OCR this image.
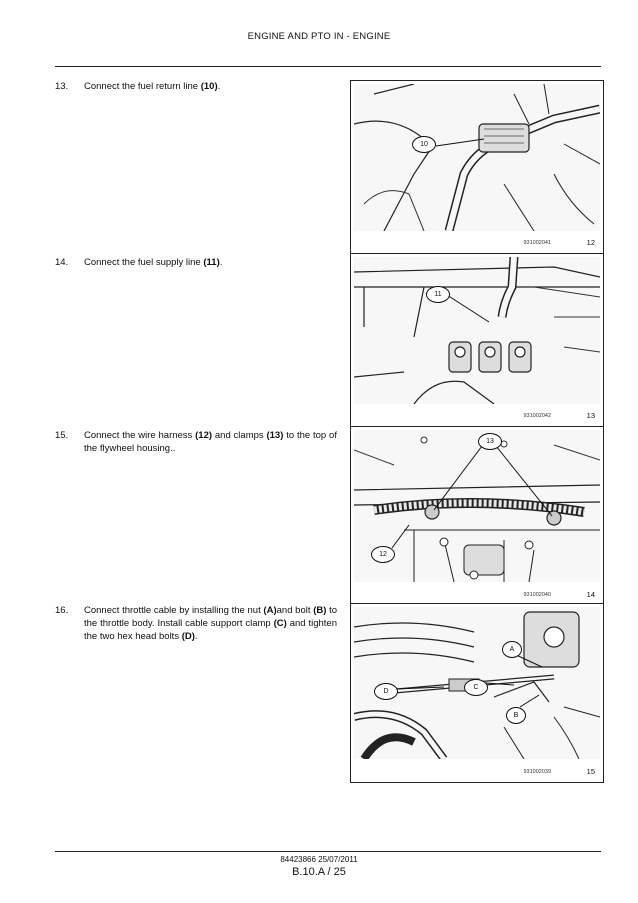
ENGINE AND PTO IN - ENGINE
13. Connect the fuel return line (10).
10
931002041	12
14. Connect the fuel supply line (11).
11
931002042	13
15. Connect the wire harness (12) and clamps (13) to the top of the flywheel housing..
13
12
931002040	14
16. Connect throttle cable by installing the nut (A)and bolt (B) to the throttle body. Install cable support clamp (C) and tighten the two hex head bolts (D).
A
D
C
B
931002039	15
84423866 25/07/2011
B.10.A / 25
